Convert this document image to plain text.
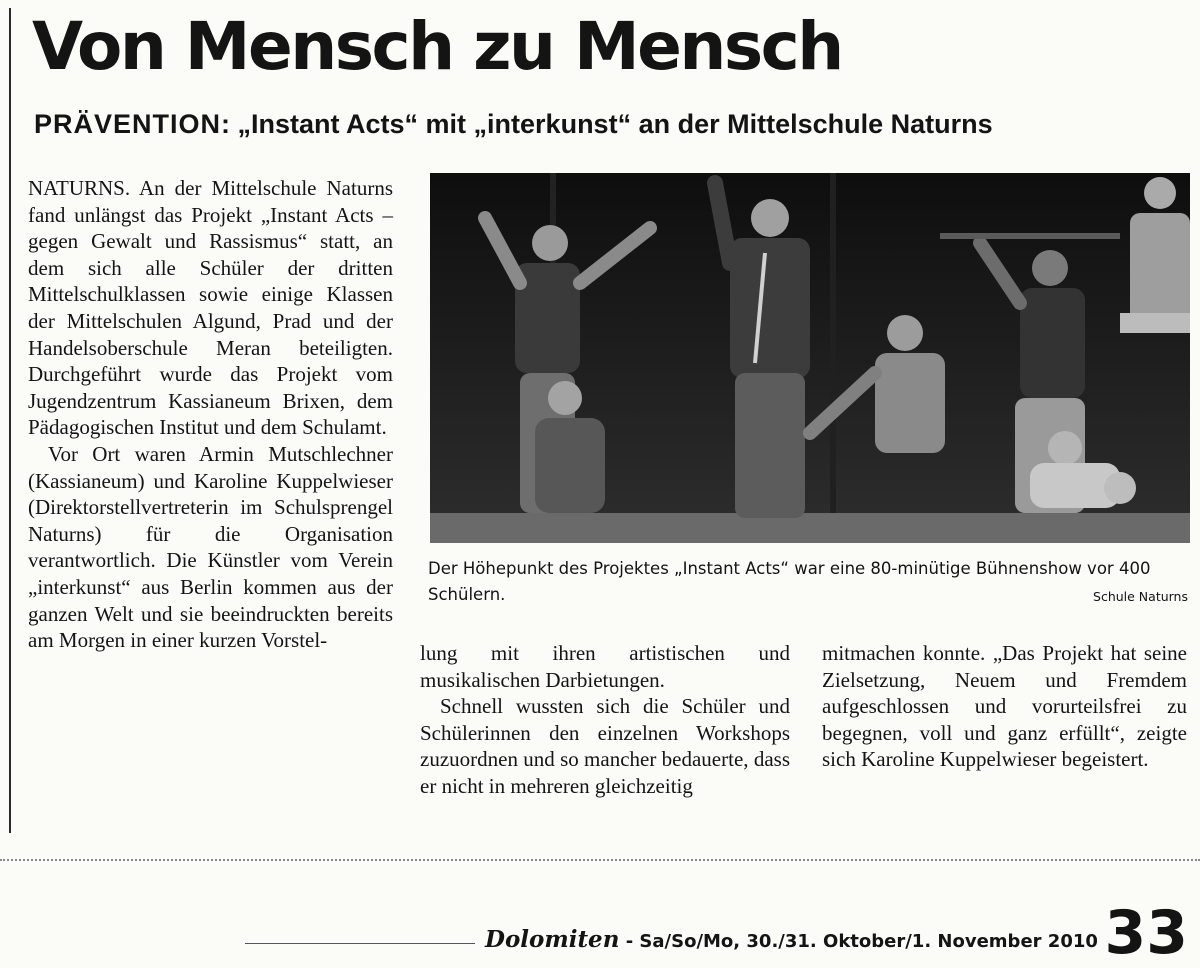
Von Mensch zu Mensch
PRÄVENTION: „Instant Acts“ mit „interkunst“ an der Mittelschule Naturns

NATURNS. An der Mittelschule Naturns fand unlängst das Projekt „Instant Acts – gegen Gewalt und Rassismus“ statt, an dem sich alle Schüler der dritten Mittelschulklassen sowie einige Klassen der Mittelschulen Algund, Prad und der Handelsoberschule Meran beteiligten. Durchgeführt wurde das Projekt vom Jugendzentrum Kassianeum Brixen, dem Pädagogischen Institut und dem Schulamt.

Vor Ort waren Armin Mutschlechner (Kassianeum) und Karoline Kuppelwieser (Direktorstellvertreterin im Schulsprengel Naturns) für die Organisation verantwortlich. Die Künstler vom Verein „interkunst“ aus Berlin kommen aus der ganzen Welt und sie beeindruckten bereits am Morgen in einer kurzen Vorstel-

Der Höhepunkt des Projektes „Instant Acts“ war eine 80-minütige Bühnenshow vor 400 Schülern.	Schule Naturns

lung mit ihren artistischen und musikalischen Darbietungen.

Schnell wussten sich die Schüler und Schülerinnen den einzelnen Workshops zuzuordnen und so mancher bedauerte, dass er nicht in mehreren gleichzeitig

mitmachen konnte. „Das Projekt hat seine Zielsetzung, Neuem und Fremdem aufgeschlossen und vorurteilsfrei zu begegnen, voll und ganz erfüllt“, zeigte sich Karoline Kuppelwieser begeistert.

Dolomiten - Sa/So/Mo, 30./31. Oktober/1. November 2010 33
